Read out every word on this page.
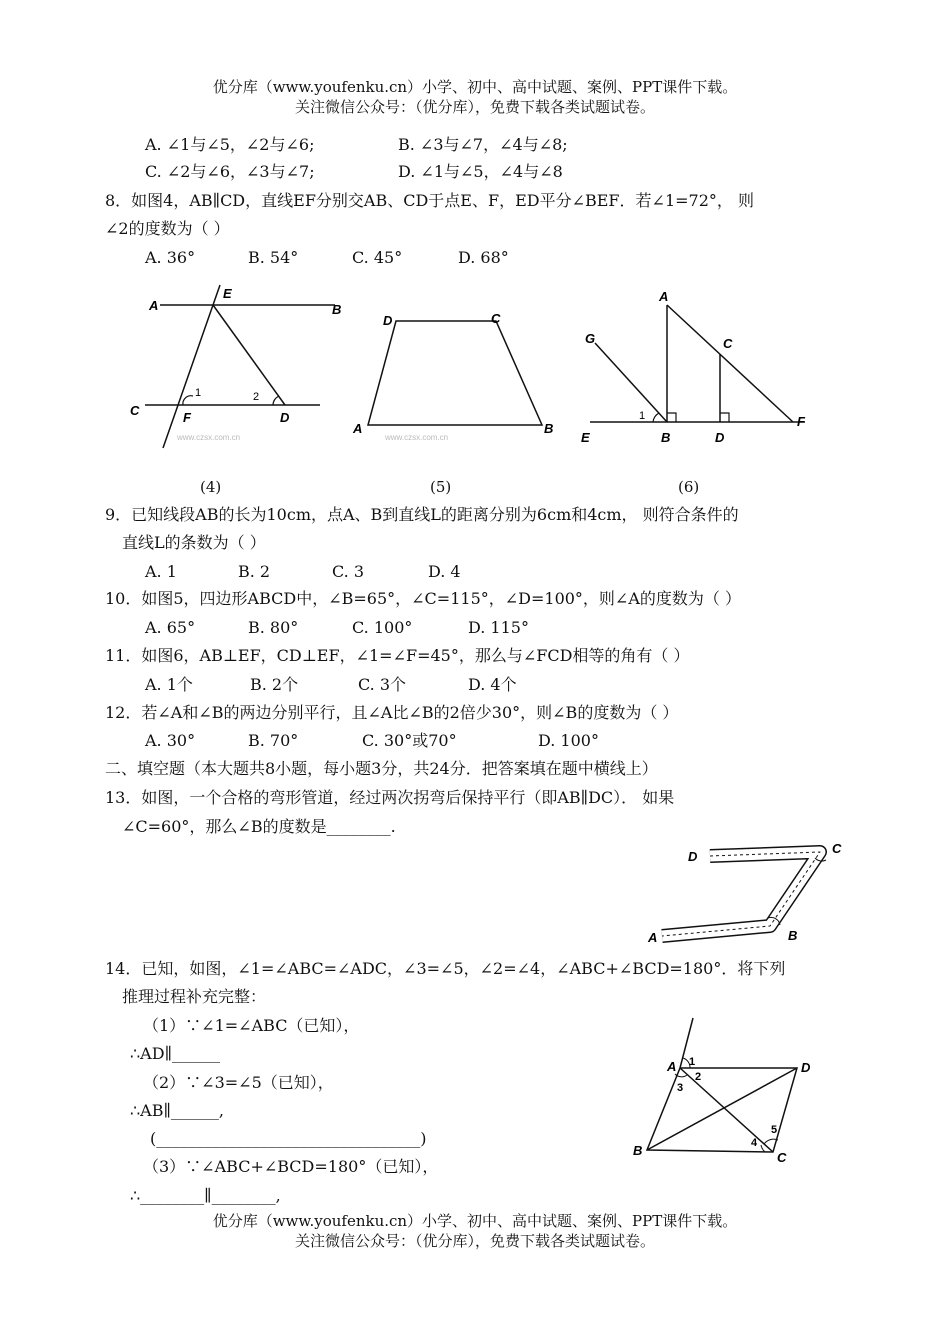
优分库（www.youfenku.cn）小学、初中、高中试题、案例、PPT课件下载。
关注微信公众号：（优分库），免费下载各类试题试卷。
A. ∠1与∠5，∠2与∠6;	B. ∠3与∠7，∠4与∠8;
C. ∠2与∠6，∠3与∠7;	D. ∠1与∠5，∠4与∠8
8．如图4，AB∥CD，直线EF分别交AB、CD于点E、F，ED平分∠BEF．若∠1=72°， 则
∠2的度数为（ ）
A. 36°	B. 54°	C. 45°	D. 68°
A
E
B
C	F	D
1	2
www.czsx.com.cn
(4)
D	C
A	B
www.czsx.com.cn
(5)
A
G	C
E	B	D
F
1
(6)
9．已知线段AB的长为10cm，点A、B到直线L的距离分别为6cm和4cm， 则符合条件的
直线L的条数为（ ）
A. 1	B. 2	C. 3	D. 4
10．如图5，四边形ABCD中，∠B=65°，∠C=115°，∠D=100°，则∠A的度数为（ ）
A. 65°	B. 80°	C. 100°	D. 115°
11．如图6，AB⊥EF，CD⊥EF，∠1=∠F=45°，那么与∠FCD相等的角有（ ）
A. 1个	B. 2个	C. 3个	D. 4个
12．若∠A和∠B的两边分别平行，且∠A比∠B的2倍少30°，则∠B的度数为（ ）
A. 30°	B. 70°	C. 30°或70°	D. 100°
二、填空题（本大题共8小题，每小题3分，共24分．把答案填在题中横线上）
13．如图，一个合格的弯形管道，经过两次拐弯后保持平行（即AB∥DC）． 如果
∠C=60°，那么∠B的度数是________.
D
C
A	B
14．已知，如图，∠1=∠ABC=∠ADC，∠3=∠5，∠2=∠4，∠ABC+∠BCD=180°．将下列
推理过程补充完整：
（1）∵∠1=∠ABC（已知），
∴AD∥______
（2）∵∠3=∠5（已知），
∴AB∥______,
(_________________________________)
（3）∵∠ABC+∠BCD=180°（已知），
∴________∥________,
A	D
B	C
1
2
3
4
5
优分库（www.youfenku.cn）小学、初中、高中试题、案例、PPT课件下载。
关注微信公众号：（优分库），免费下载各类试题试卷。
